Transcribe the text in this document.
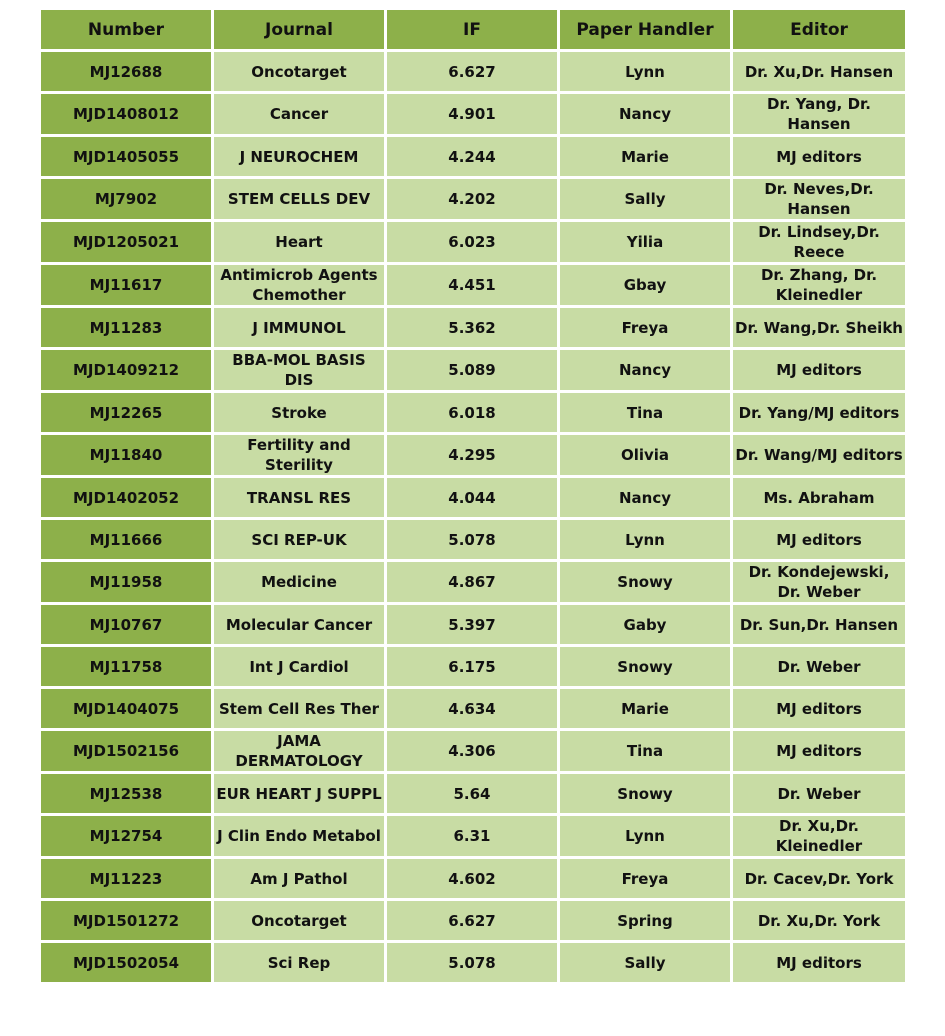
Number	Journal	IF	Paper Handler	Editor
MJ12688	Oncotarget	6.627	Lynn	Dr. Xu,Dr. Hansen
MJD1408012	Cancer	4.901	Nancy	Dr. Yang, Dr. Hansen
MJD1405055	J NEUROCHEM	4.244	Marie	MJ editors
MJ7902	STEM CELLS DEV	4.202	Sally	Dr. Neves,Dr. Hansen
MJD1205021	Heart	6.023	Yilia	Dr. Lindsey,Dr. Reece
MJ11617	Antimicrob Agents Chemother	4.451	Gbay	Dr. Zhang, Dr. Kleinedler
MJ11283	J IMMUNOL	5.362	Freya	Dr. Wang,Dr. Sheikh
MJD1409212	BBA-MOL BASIS DIS	5.089	Nancy	MJ editors
MJ12265	Stroke	6.018	Tina	Dr. Yang/MJ editors
MJ11840	Fertility and Sterility	4.295	Olivia	Dr. Wang/MJ editors
MJD1402052	TRANSL RES	4.044	Nancy	Ms. Abraham
MJ11666	SCI REP-UK	5.078	Lynn	MJ editors
MJ11958	Medicine	4.867	Snowy	Dr. Kondejewski, Dr. Weber
MJ10767	Molecular Cancer	5.397	Gaby	Dr. Sun,Dr. Hansen
MJ11758	Int J Cardiol	6.175	Snowy	Dr. Weber
MJD1404075	Stem Cell Res Ther	4.634	Marie	MJ editors
MJD1502156	JAMA DERMATOLOGY	4.306	Tina	MJ editors
MJ12538	EUR HEART J SUPPL	5.64	Snowy	Dr. Weber
MJ12754	J Clin Endo Metabol	6.31	Lynn	Dr. Xu,Dr. Kleinedler
MJ11223	Am J Pathol	4.602	Freya	Dr. Cacev,Dr. York
MJD1501272	Oncotarget	6.627	Spring	Dr. Xu,Dr. York
MJD1502054	Sci Rep	5.078	Sally	MJ editors
